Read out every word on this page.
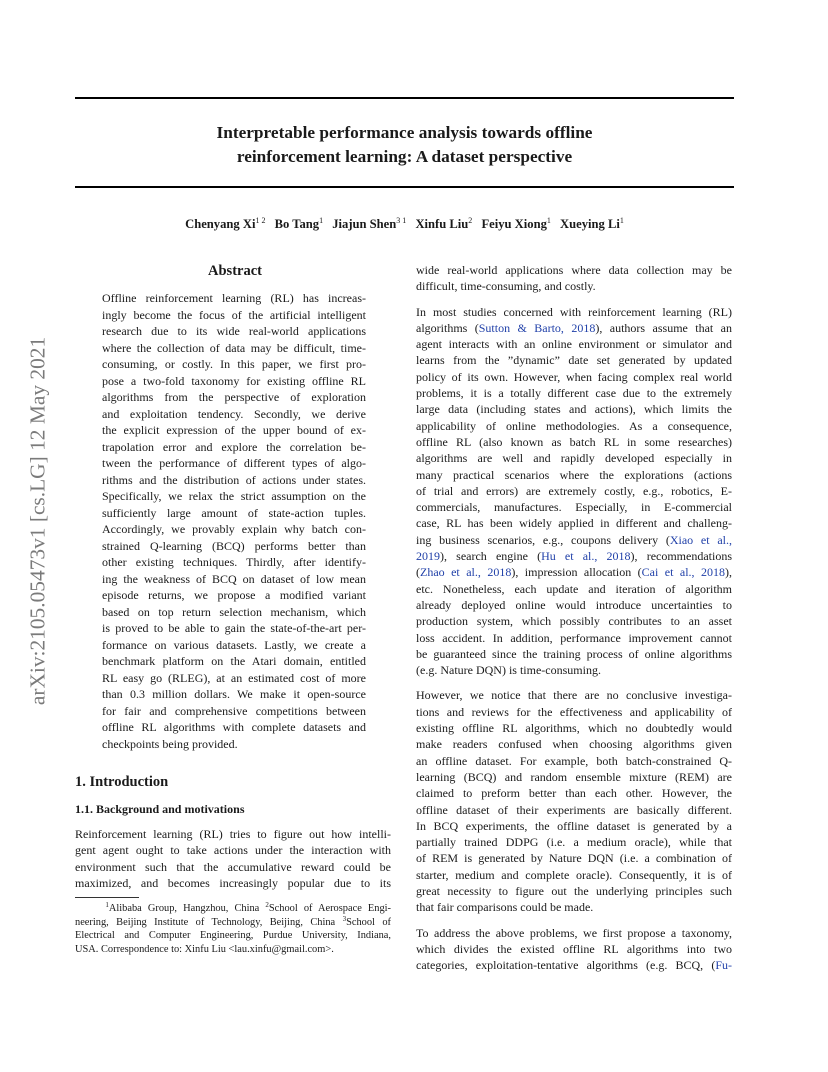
Interpretable performance analysis towards offline
reinforcement learning: A dataset perspective
Chenyang $Xi^{1 2}$ Bo Tang$^1$ Jiajun Shen$^{3 1}$ Xinfu Liu$^2$ Feiyu Xiong$^1$ Xueying Li$^1$
arXiv:2105.05473v1 [cs.LG] 12 May 2021
Abstract
Offline reinforcement learning (RL) has increas-
ingly become the focus of the artificial intelligent
research due to its wide real-world applications
where the collection of data may be difficult, time-
consuming, or costly. In this paper, we first pro-
pose a two-fold taxonomy for existing offline RL
algorithms from the perspective of exploration
and exploitation tendency. Secondly, we derive
the explicit expression of the upper bound of ex-
trapolation error and explore the correlation be-
tween the performance of different types of algo-
rithms and the distribution of actions under states.
Specifically, we relax the strict assumption on the
sufficiently large amount of state-action tuples.
Accordingly, we provably explain why batch con-
strained Q-learning (BCQ) performs better than
other existing techniques. Thirdly, after identify-
ing the weakness of BCQ on dataset of low mean
episode returns, we propose a modified variant
based on top return selection mechanism, which
is proved to be able to gain the state-of-the-art per-
formance on various datasets. Lastly, we create a
benchmark platform on the Atari domain, entitled
RL easy go (RLEG), at an estimated cost of more
than 0.3 million dollars. We make it open-source
for fair and comprehensive competitions between
offline RL algorithms with complete datasets and
checkpoints being provided.
1. Introduction
1.1. Background and motivations
Reinforcement learning (RL) tries to figure out how intelli-
gent agent ought to take actions under the interaction with
environment such that the accumulative reward could be
maximized, and becomes increasingly popular due to its
$^1$Alibaba Group, Hangzhou, China $^2$School of Aerospace Engi-
neering, Beijing Institute of Technology, Beijing, China $^3$School of
Electrical and Computer Engineering, Purdue University, Indiana,
USA. Correspondence to: Xinfu Liu <lau.xinfu@gmail.com>.
wide real-world applications where data collection may be
difficult, time-consuming, and costly.
In most studies concerned with reinforcement learning (RL)
algorithms (Sutton & Barto, 2018), authors assume that an
agent interacts with an online environment or simulator and
learns from the ”dynamic” date set generated by updated
policy of its own. However, when facing complex real world
problems, it is a totally different case due to the extremely
large data (including states and actions), which limits the
applicability of online methodologies. As a consequence,
offline RL (also known as batch RL in some researches)
algorithms are well and rapidly developed especially in
many practical scenarios where the explorations (actions
of trial and errors) are extremely costly, e.g., robotics, E-
commercials, manufactures. Especially, in E-commercial
case, RL has been widely applied in different and challeng-
ing business scenarios, e.g., coupons delivery (Xiao et al.,
2019), search engine (Hu et al., 2018), recommendations
(Zhao et al., 2018), impression allocation (Cai et al., 2018),
etc. Nonetheless, each update and iteration of algorithm
already deployed online would introduce uncertainties to
production system, which possibly contributes to an asset
loss accident. In addition, performance improvement cannot
be guaranteed since the training process of online algorithms
(e.g. Nature DQN) is time-consuming.
However, we notice that there are no conclusive investiga-
tions and reviews for the effectiveness and applicability of
existing offline RL algorithms, which no doubtedly would
make readers confused when choosing algorithms given
an offline dataset. For example, both batch-constrained Q-
learning (BCQ) and random ensemble mixture (REM) are
claimed to preform better than each other. However, the
offline dataset of their experiments are basically different.
In BCQ experiments, the offline dataset is generated by a
partially trained DDPG (i.e. a medium oracle), while that
of REM is generated by Nature DQN (i.e. a combination of
starter, medium and complete oracle). Consequently, it is of
great necessity to figure out the underlying principles such
that fair comparisons could be made.
To address the above problems, we first propose a taxonomy,
which divides the existed offline RL algorithms into two
categories, exploitation-tentative algorithms (e.g. BCQ, (Fu-
